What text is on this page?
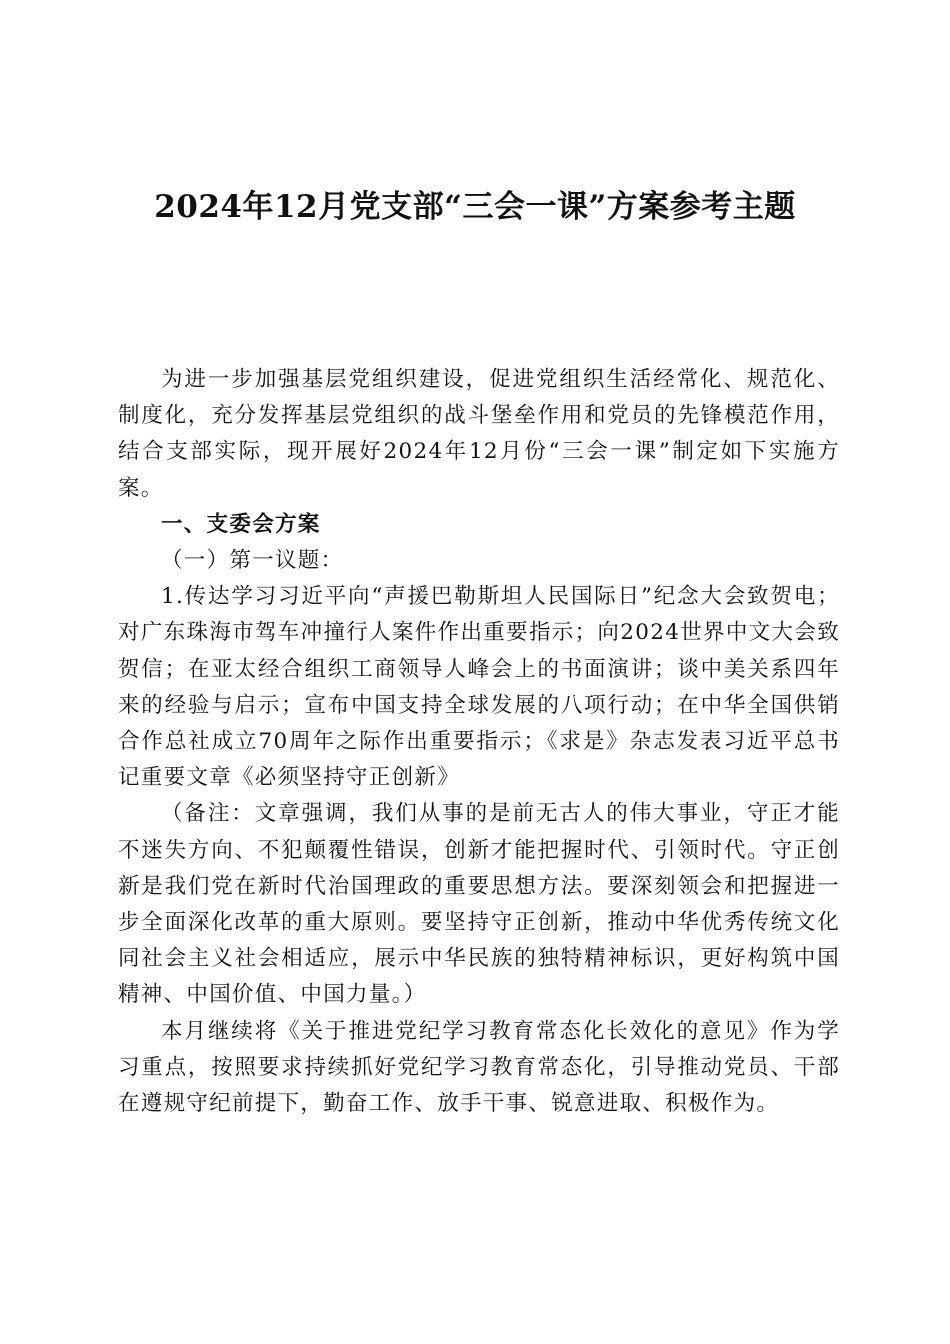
2024年12月党支部“三会一课”方案参考主题

为进一步加强基层党组织建设，促进党组织生活经常化、规范化、制度化，充分发挥基层党组织的战斗堡垒作用和党员的先锋模范作用，结合支部实际，现开展好2024年12月份“三会一课”制定如下实施方案。

一、支委会方案

（一）第一议题：

1.传达学习习近平向“声援巴勒斯坦人民国际日”纪念大会致贺电；对广东珠海市驾车冲撞行人案件作出重要指示；向2024世界中文大会致贺信；在亚太经合组织工商领导人峰会上的书面演讲；谈中美关系四年来的经验与启示；宣布中国支持全球发展的八项行动；在中华全国供销合作总社成立70周年之际作出重要指示；《求是》杂志发表习近平总书记重要文章《必须坚持守正创新》

（备注：文章强调，我们从事的是前无古人的伟大事业，守正才能不迷失方向、不犯颠覆性错误，创新才能把握时代、引领时代。守正创新是我们党在新时代治国理政的重要思想方法。要深刻领会和把握进一步全面深化改革的重大原则。要坚持守正创新，推动中华优秀传统文化同社会主义社会相适应，展示中华民族的独特精神标识，更好构筑中国精神、中国价值、中国力量。）

本月继续将《关于推进党纪学习教育常态化长效化的意见》作为学习重点，按照要求持续抓好党纪学习教育常态化，引导推动党员、干部在遵规守纪前提下，勤奋工作、放手干事、锐意进取、积极作为。
